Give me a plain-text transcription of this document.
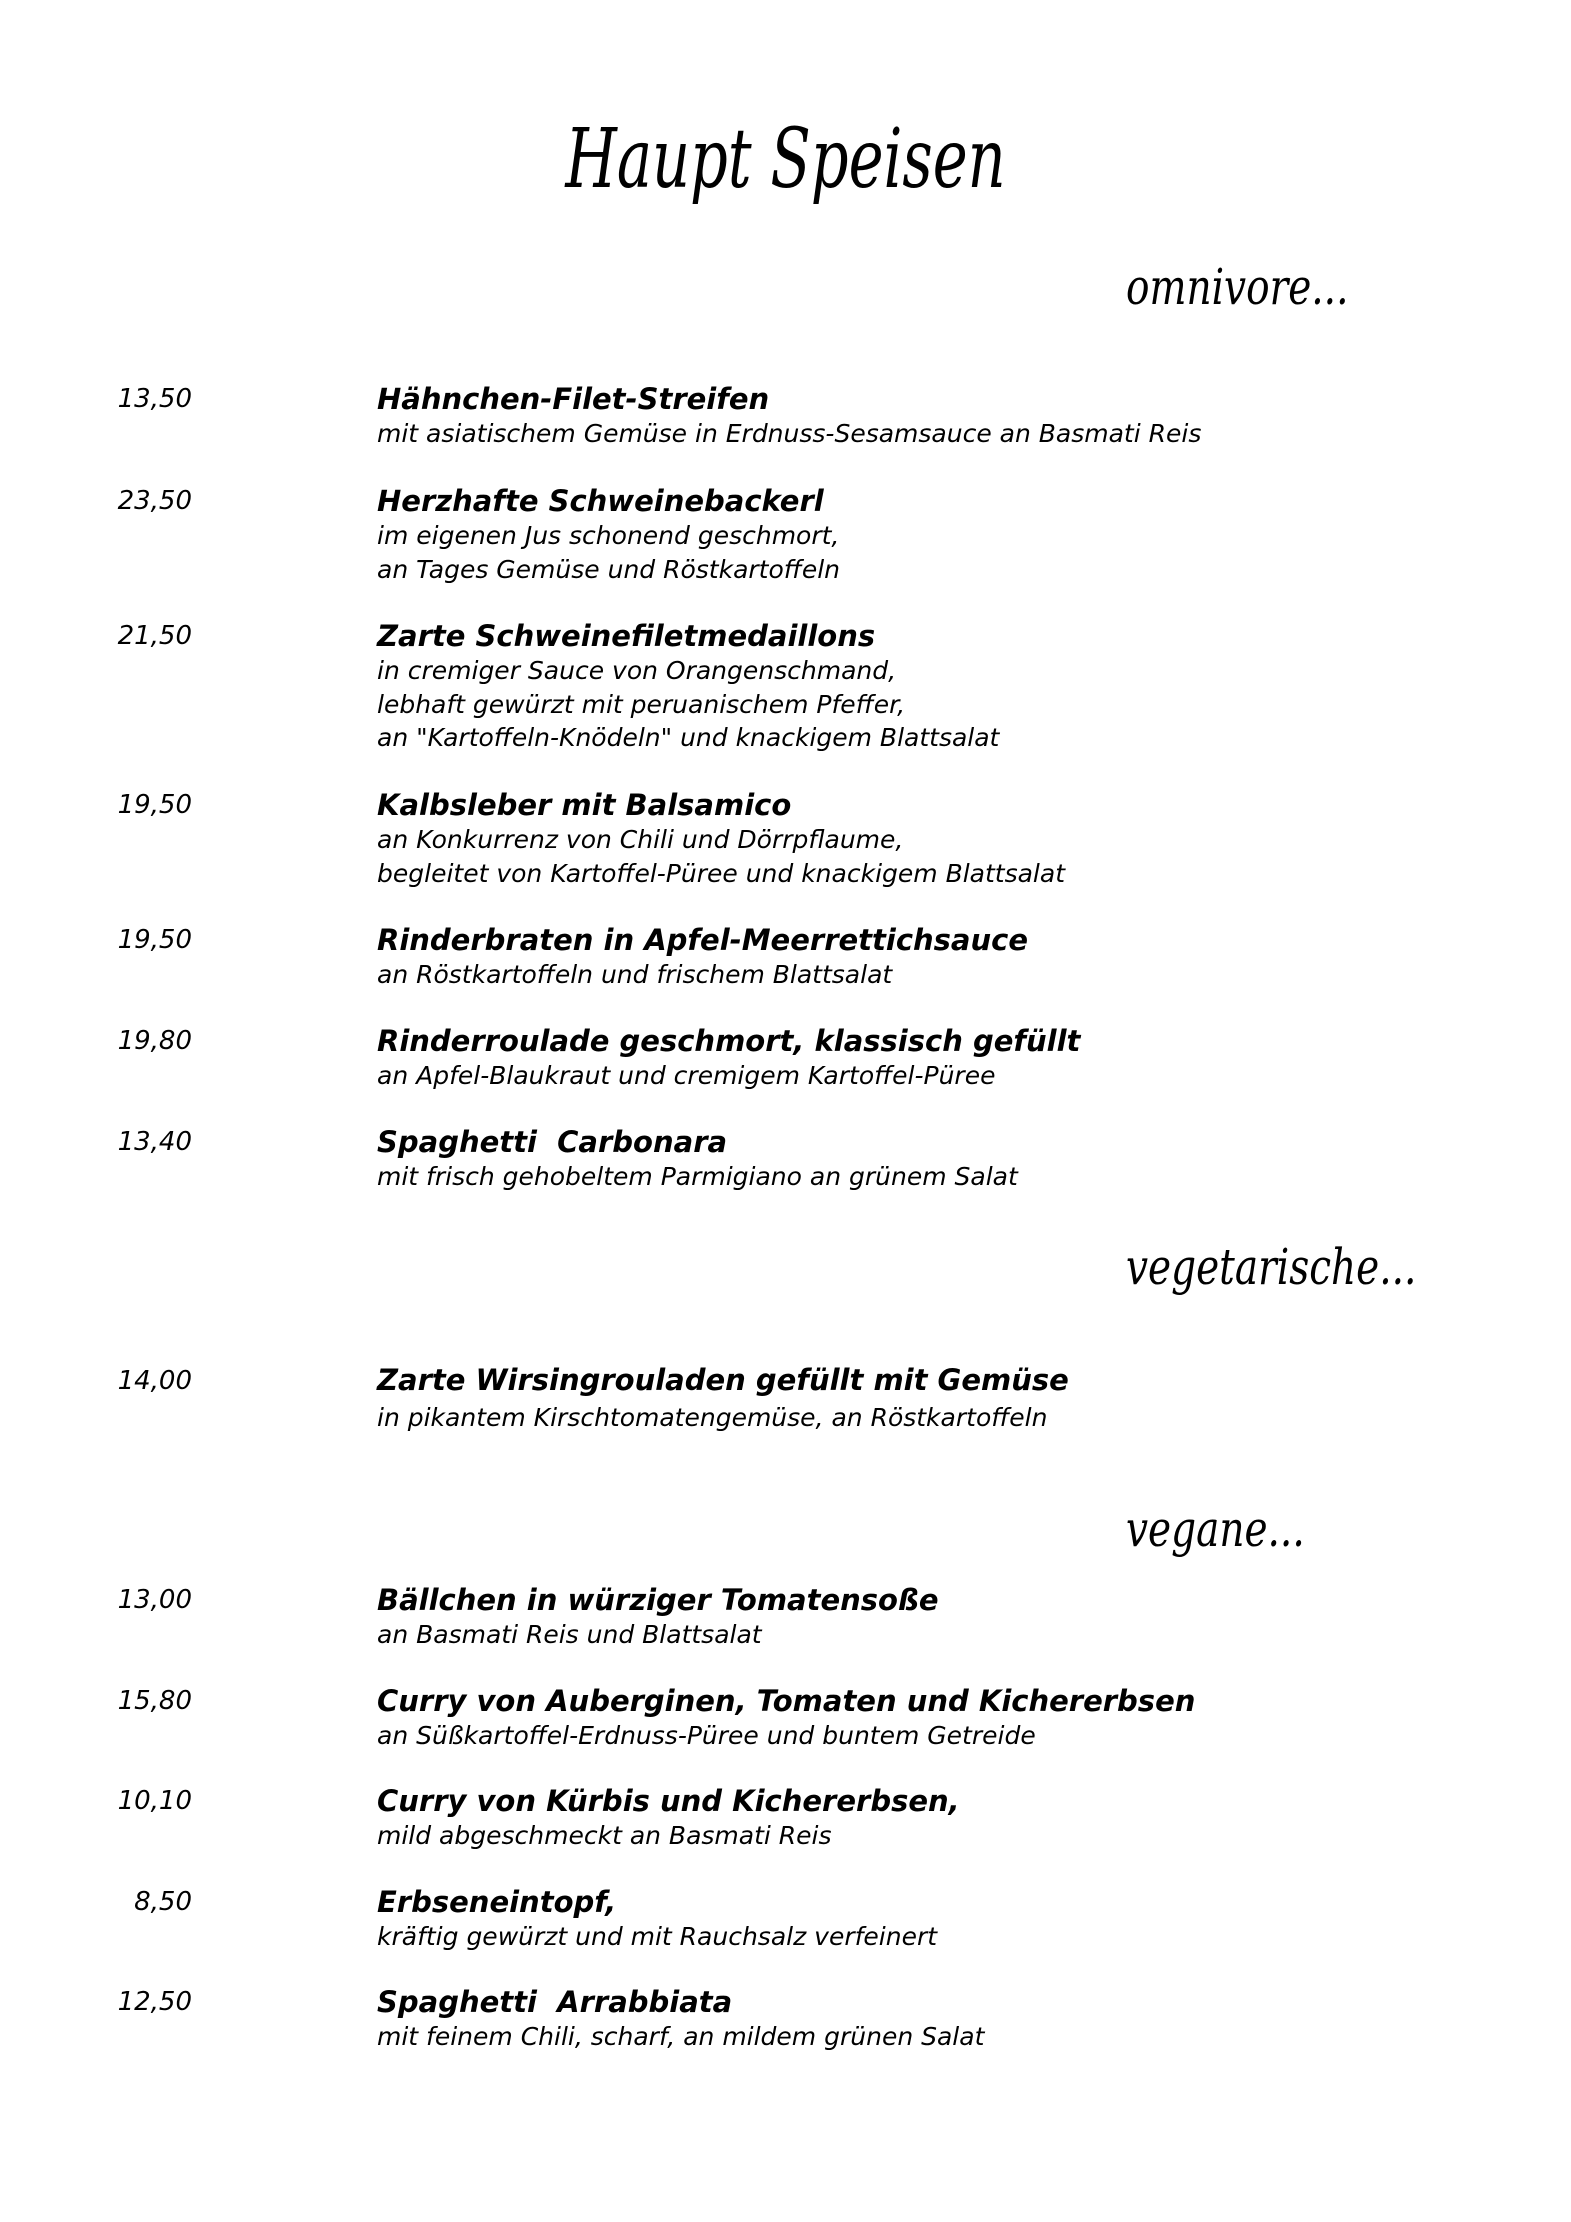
Haupt Speisen
omnivore...
13,50	Hähnchen-Filet-Streifen
mit asiatischem Gemüse in Erdnuss-Sesamsauce an Basmati Reis
23,50	Herzhafte Schweinebackerl
im eigenen Jus schonend geschmort,
an Tages Gemüse und Röstkartoffeln
21,50	Zarte Schweinefiletmedaillons
in cremiger Sauce von Orangenschmand,
lebhaft gewürzt mit peruanischem Pfeffer,
an "Kartoffeln-Knödeln" und knackigem Blattsalat
19,50	Kalbsleber mit Balsamico
an Konkurrenz von Chili und Dörrpflaume,
begleitet von Kartoffel-Püree und knackigem Blattsalat
19,50	Rinderbraten in Apfel-Meerrettichsauce
an Röstkartoffeln und frischem Blattsalat
19,80	Rinderroulade geschmort, klassisch gefüllt
an Apfel-Blaukraut und cremigem Kartoffel-Püree
13,40	Spaghetti  Carbonara
mit frisch gehobeltem Parmigiano an grünem Salat
vegetarische...
14,00	Zarte Wirsingrouladen gefüllt mit Gemüse
in pikantem Kirschtomatengemüse, an Röstkartoffeln
vegane...
13,00	Bällchen in würziger Tomatensoße
an Basmati Reis und Blattsalat
15,80	Curry von Auberginen, Tomaten und Kichererbsen
an Süßkartoffel-Erdnuss-Püree und buntem Getreide
10,10	Curry von Kürbis und Kichererbsen,
mild abgeschmeckt an Basmati Reis
8,50	Erbseneintopf,
kräftig gewürzt und mit Rauchsalz verfeinert
12,50	Spaghetti  Arrabbiata
mit feinem Chili, scharf, an mildem grünen Salat
